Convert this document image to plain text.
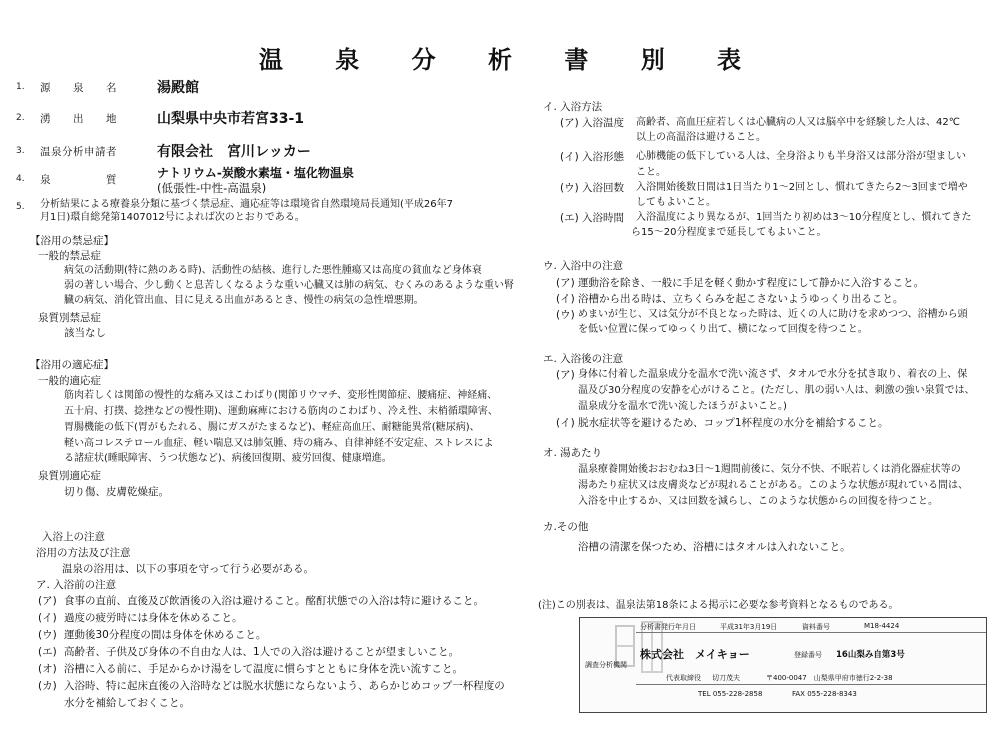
温 泉 分 析 書 別 表
1. 源　　泉　　名	湯殿館
2. 湧　　出　　地	山梨県中央市若宮33-1
3. 温泉分析申請者	有限会社　宮川レッカー
4. 泉　　　　　質	ナトリウム-炭酸水素塩・塩化物温泉
(低張性-中性-高温泉)
5. 分析結果による療養泉分類に基づく禁忌症、適応症等は環境省自然環境局長通知(平成26年7
月1日)環自総発第1407012号によれば次のとおりである。
【浴用の禁忌症】
一般的禁忌症
病気の活動期(特に熱のある時)、活動性の結核、進行した悪性腫瘍又は高度の貧血など身体衰
弱の著しい場合、少し動くと息苦しくなるような重い心臓又は肺の病気、むくみのあるような重い腎
臓の病気、消化管出血、目に見える出血があるとき、慢性の病気の急性増悪期。
泉質別禁忌症
該当なし
【浴用の適応症】
一般的適応症
筋肉若しくは関節の慢性的な痛み又はこわばり(関節リウマチ、変形性関節症、腰痛症、神経痛、
五十肩、打撲、捻挫などの慢性期)、運動麻痺における筋肉のこわばり、冷え性、末梢循環障害、
胃腸機能の低下(胃がもたれる、腸にガスがたまるなど)、軽症高血圧、耐糖能異常(糖尿病)、
軽い高コレステロール血症、軽い喘息又は肺気腫、痔の痛み、自律神経不安定症、ストレスによ
る諸症状(睡眠障害、うつ状態など)、病後回復期、疲労回復、健康増進。
泉質別適応症
切り傷、皮膚乾燥症。
入浴上の注意
浴用の方法及び注意
温泉の浴用は、以下の事項を守って行う必要がある。
ア. 入浴前の注意
(ア) 食事の直前、直後及び飲酒後の入浴は避けること。酩酊状態での入浴は特に避けること。
(イ) 過度の疲労時には身体を休めること。
(ウ) 運動後30分程度の間は身体を休めること。
(エ) 高齢者、子供及び身体の不自由な人は、1人での入浴は避けることが望ましいこと。
(オ) 浴槽に入る前に、手足からかけ湯をして温度に慣らすとともに身体を洗い流すこと。
(カ) 入浴時、特に起床直後の入浴時などは脱水状態にならないよう、あらかじめコップ一杯程度の
水分を補給しておくこと。
イ. 入浴方法
(ア) 入浴温度 高齢者、高血圧症若しくは心臓病の人又は脳卒中を経験した人は、42℃
以上の高温浴は避けること。
(イ) 入浴形態 心肺機能の低下している人は、全身浴よりも半身浴又は部分浴が望ましい
こと。
(ウ) 入浴回数 入浴開始後数日間は1日当たり1～2回とし、慣れてきたら2～3回まで増や
してもよいこと。
(エ) 入浴時間 入浴温度により異なるが、1回当たり初めは3～10分程度とし、慣れてきた
ら15～20分程度まで延長してもよいこと。
ウ. 入浴中の注意
(ア) 運動浴を除き、一般に手足を軽く動かす程度にして静かに入浴すること。
(イ) 浴槽から出る時は、立ちくらみを起こさないようゆっくり出ること。
(ウ) めまいが生じ、又は気分が不良となった時は、近くの人に助けを求めつつ、浴槽から頭
を低い位置に保ってゆっくり出て、横になって回復を待つこと。
エ. 入浴後の注意
(ア) 身体に付着した温泉成分を温水で洗い流さず、タオルで水分を拭き取り、着衣の上、保
温及び30分程度の安静を心がけること。(ただし、肌の弱い人は、刺激の強い泉質では、
温泉成分を温水で洗い流したほうがよいこと。)
(イ) 脱水症状等を避けるため、コップ1杯程度の水分を補給すること。
オ. 湯あたり
温泉療養開始後おおむね3日～1週間前後に、気分不快、不眠若しくは消化器症状等の
湯あたり症状又は皮膚炎などが現れることがある。このような状態が現れている間は、
入浴を中止するか、又は回数を減らし、このような状態からの回復を待つこと。
カ.その他
浴槽の清潔を保つため、浴槽にはタオルは入れないこと。
(注)この別表は、温泉法第18条による掲示に必要な参考資料となるものである。
分析書発行年月日	平成31年3月19日	資料番号	M18-4424
調査分析機関
株式会社　メイキョー	登録番号 16山梨み自第3号
代表取締役 切刀茂夫	〒400-0047　山梨県甲府市徳行2-2-38
TEL 055-228-2858	FAX 055-228-8343
